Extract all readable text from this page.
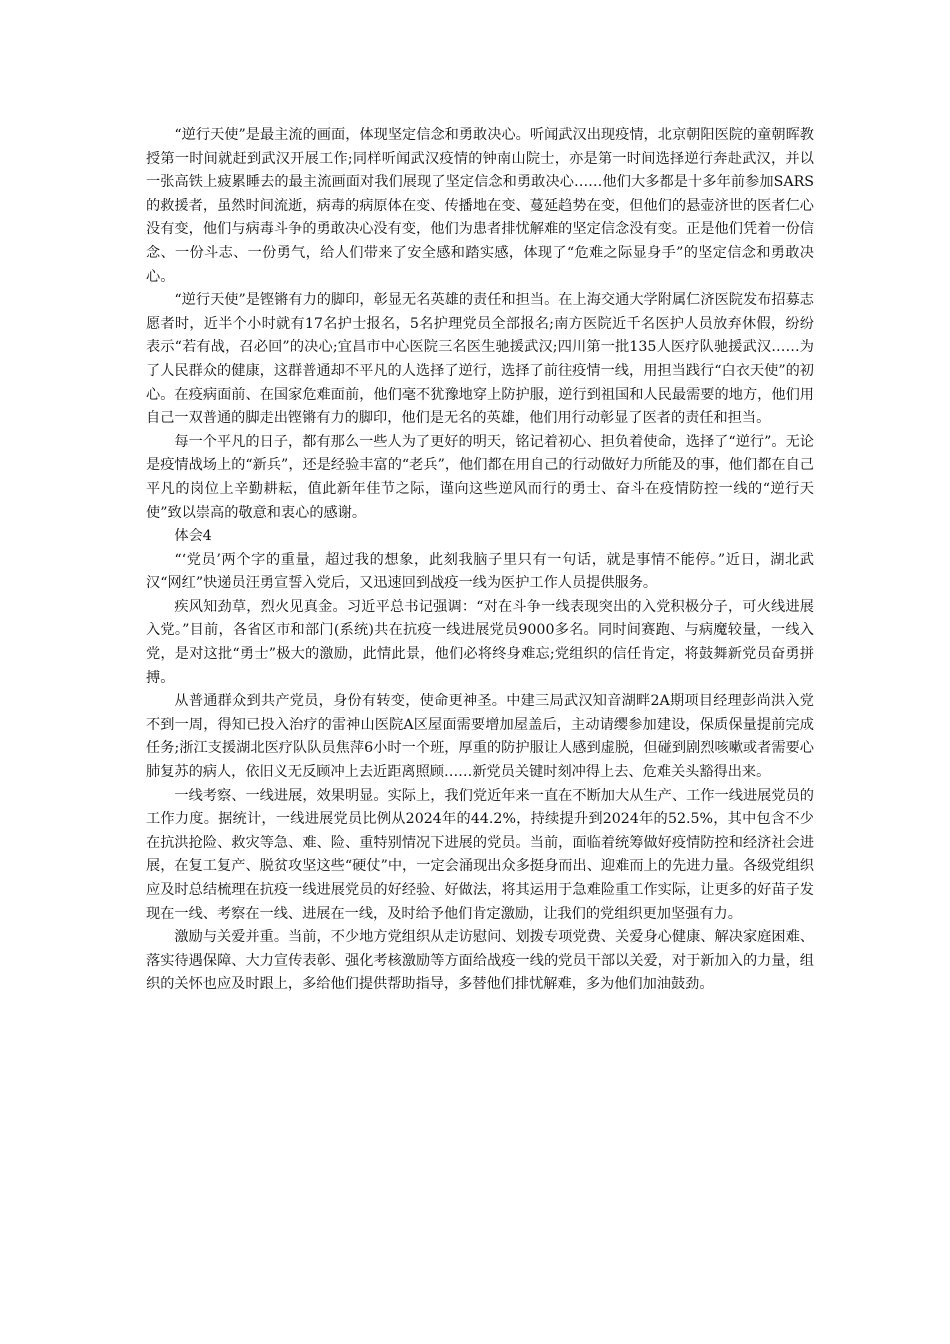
“逆行天使”是最主流的画面，体现坚定信念和勇敢决心。听闻武汉出现疫情，北京朝阳医院的童朝晖教授第一时间就赶到武汉开展工作;同样听闻武汉疫情的钟南山院士，亦是第一时间选择逆行奔赴武汉，并以一张高铁上疲累睡去的最主流画面对我们展现了坚定信念和勇敢决心……他们大多都是十多年前参加SARS的救援者，虽然时间流逝，病毒的病原体在变、传播地在变、蔓延趋势在变，但他们的悬壶济世的医者仁心没有变，他们与病毒斗争的勇敢决心没有变，他们为患者排忧解难的坚定信念没有变。正是他们凭着一份信念、一份斗志、一份勇气，给人们带来了安全感和踏实感，体现了“危难之际显身手”的坚定信念和勇敢决心。

“逆行天使”是铿锵有力的脚印，彰显无名英雄的责任和担当。在上海交通大学附属仁济医院发布招募志愿者时，近半个小时就有17名护士报名，5名护理党员全部报名;南方医院近千名医护人员放弃休假，纷纷表示“若有战，召必回”的决心;宜昌市中心医院三名医生驰援武汉;四川第一批135人医疗队驰援武汉……为了人民群众的健康，这群普通却不平凡的人选择了逆行，选择了前往疫情一线，用担当践行“白衣天使”的初心。在疫病面前、在国家危难面前，他们毫不犹豫地穿上防护服，逆行到祖国和人民最需要的地方，他们用自己一双普通的脚走出铿锵有力的脚印，他们是无名的英雄，他们用行动彰显了医者的责任和担当。

每一个平凡的日子，都有那么一些人为了更好的明天，铭记着初心、担负着使命，选择了“逆行”。无论是疫情战场上的“新兵”，还是经验丰富的“老兵”，他们都在用自己的行动做好力所能及的事，他们都在自己平凡的岗位上辛勤耕耘，值此新年佳节之际，谨向这些逆风而行的勇士、奋斗在疫情防控一线的“逆行天使”致以崇高的敬意和衷心的感谢。

体会4

“‘党员’两个字的重量，超过我的想象，此刻我脑子里只有一句话，就是事情不能停。”近日，湖北武汉“网红”快递员汪勇宣誓入党后，又迅速回到战疫一线为医护工作人员提供服务。

疾风知劲草，烈火见真金。习近平总书记强调：“对在斗争一线表现突出的入党积极分子，可火线进展入党。”目前，各省区市和部门(系统)共在抗疫一线进展党员9000多名。同时间赛跑、与病魔较量，一线入党，是对这批“勇士”极大的激励，此情此景，他们必将终身难忘;党组织的信任肯定，将鼓舞新党员奋勇拼搏。

从普通群众到共产党员，身份有转变，使命更神圣。中建三局武汉知音湖畔2A期项目经理彭尚洪入党不到一周，得知已投入治疗的雷神山医院A区屋面需要增加屋盖后，主动请缨参加建设，保质保量提前完成任务;浙江支援湖北医疗队队员焦萍6小时一个班，厚重的防护服让人感到虚脱，但碰到剧烈咳嗽或者需要心肺复苏的病人，依旧义无反顾冲上去近距离照顾……新党员关键时刻冲得上去、危难关头豁得出来。

一线考察、一线进展，效果明显。实际上，我们党近年来一直在不断加大从生产、工作一线进展党员的工作力度。据统计，一线进展党员比例从2024年的44.2%，持续提升到2024年的52.5%，其中包含不少在抗洪抢险、救灾等急、难、险、重特别情况下进展的党员。当前，面临着统筹做好疫情防控和经济社会进展，在复工复产、脱贫攻坚这些“硬仗”中，一定会涌现出众多挺身而出、迎难而上的先进力量。各级党组织应及时总结梳理在抗疫一线进展党员的好经验、好做法，将其运用于急难险重工作实际，让更多的好苗子发现在一线、考察在一线、进展在一线，及时给予他们肯定激励，让我们的党组织更加坚强有力。

激励与关爱并重。当前，不少地方党组织从走访慰问、划拨专项党费、关爱身心健康、解决家庭困难、落实待遇保障、大力宣传表彰、强化考核激励等方面给战疫一线的党员干部以关爱，对于新加入的力量，组织的关怀也应及时跟上，多给他们提供帮助指导，多替他们排忧解难，多为他们加油鼓劲。
